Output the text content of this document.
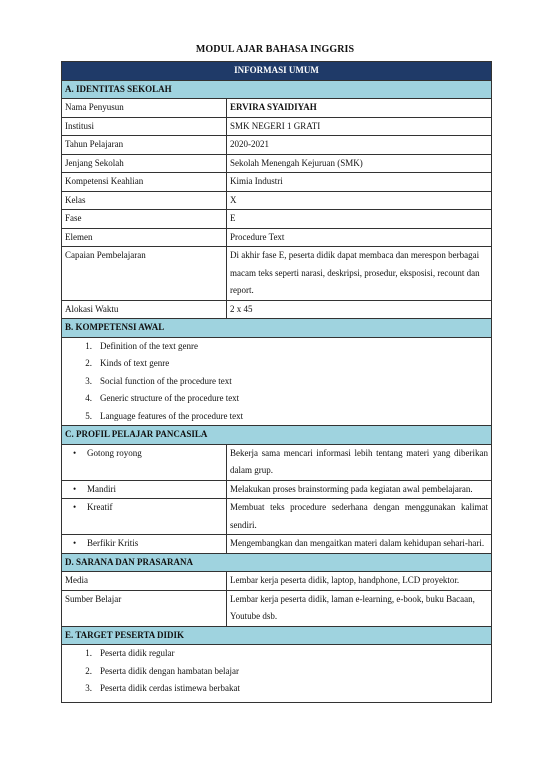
MODUL AJAR BAHASA INGGRIS
INFORMASI UMUM	
A. IDENTITAS SEKOLAH	
Nama Penyusun	ERVIRA SYAIDIYAH
Institusi	SMK NEGERI 1 GRATI
Tahun Pelajaran	2020-2021
Jenjang Sekolah	Sekolah Menengah Kejuruan (SMK)
Kompetensi Keahlian	Kimia Industri
Kelas	X
Fase	E
Elemen	Procedure Text
Capaian Pembelajaran	Di akhir fase E, peserta didik dapat membaca dan merespon berbagai macam teks seperti narasi, deskripsi, prosedur, eksposisi, recount dan report.
Alokasi Waktu	2 x 45
B. KOMPETENSI AWAL	

1. Definition of the text genre
2. Kinds of text genre
3. Social function of the procedure text
4. Generic structure of the procedure text
5. Language features of the procedure text	

C. PROFIL PELAJAR PANCASILA	
• Gotong royong	Bekerja sama mencari informasi lebih tentang materi yang diberikan dalam grup.
• Mandiri	Melakukan proses brainstorming pada kegiatan awal pembelajaran.
• Kreatif	Membuat teks procedure sederhana dengan menggunakan kalimat sendiri.
• Berfikir Kritis	Mengembangkan dan mengaitkan materi dalam kehidupan sehari-hari.
D. SARANA DAN PRASARANA	
Media	Lembar kerja peserta didik, laptop, handphone, LCD proyektor.
Sumber Belajar	Lembar kerja peserta didik, laman e-learning, e-book, buku Bacaan, Youtube dsb.
E. TARGET PESERTA DIDIK	

1. Peserta didik regular
2. Peserta didik dengan hambatan belajar
3. Peserta didik cerdas istimewa berbakat	
